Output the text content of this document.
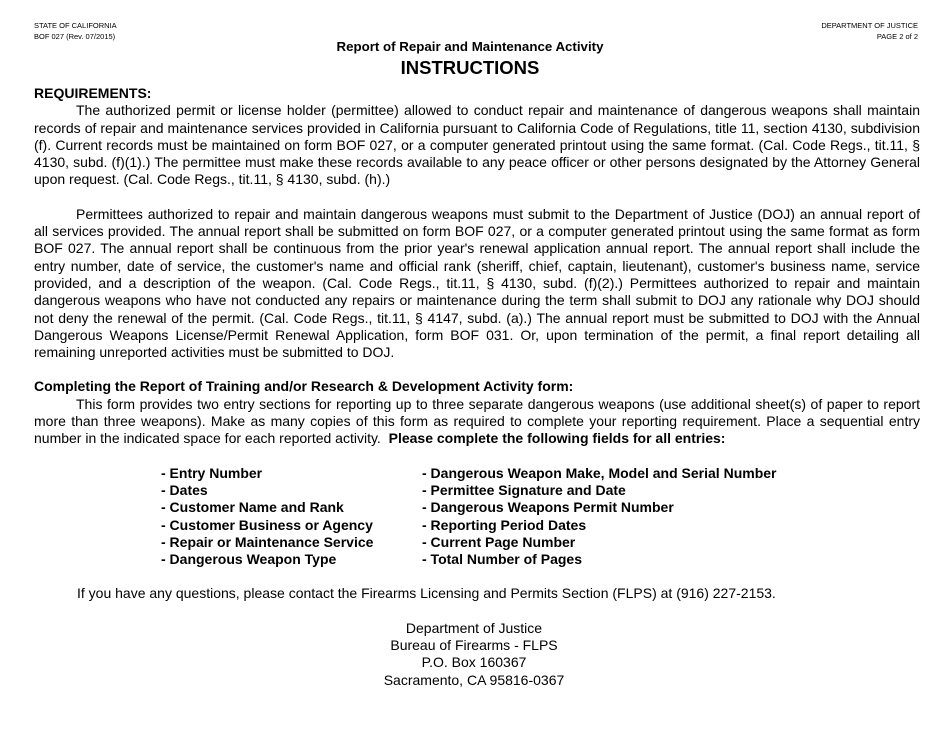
STATE OF CALIFORNIA
BOF 027 (Rev. 07/2015)
DEPARTMENT OF JUSTICE
PAGE 2 of 2
Report of Repair and Maintenance Activity
INSTRUCTIONS
REQUIREMENTS:

The authorized permit or license holder (permittee) allowed to conduct repair and maintenance of dangerous weapons shall maintain records of repair and maintenance services provided in California pursuant to California Code of Regulations, title 11, section 4130, subdivision (f). Current records must be maintained on form BOF 027, or a computer generated printout using the same format. (Cal. Code Regs., tit.11, § 4130, subd. (f)(1).) The permittee must make these records available to any peace officer or other persons designated by the Attorney General upon request. (Cal. Code Regs., tit.11, § 4130, subd. (h).)

Permittees authorized to repair and maintain dangerous weapons must submit to the Department of Justice (DOJ) an annual report of all services provided. The annual report shall be submitted on form BOF 027, or a computer generated printout using the same format as form BOF 027. The annual report shall be continuous from the prior year's renewal application annual report. The annual report shall include the entry number, date of service, the customer's name and official rank (sheriff, chief, captain, lieutenant), customer's business name, service provided, and a description of the weapon. (Cal. Code Regs., tit.11, § 4130, subd. (f)(2).) Permittees authorized to repair and maintain dangerous weapons who have not conducted any repairs or maintenance during the term shall submit to DOJ any rationale why DOJ should not deny the renewal of the permit. (Cal. Code Regs., tit.11, § 4147, subd. (a).) The annual report must be submitted to DOJ with the Annual Dangerous Weapons License/Permit Renewal Application, form BOF 031. Or, upon termination of the permit, a final report detailing all remaining unreported activities must be submitted to DOJ.

Completing the Report of Training and/or Research & Development Activity form:

This form provides two entry sections for reporting up to three separate dangerous weapons (use additional sheet(s) of paper to report more than three weapons). Make as many copies of this form as required to complete your reporting requirement. Place a sequential entry number in the indicated space for each reported activity. Please complete the following fields for all entries:

- Entry Number
- Dates
- Customer Name and Rank
- Customer Business or Agency
- Repair or Maintenance Service
- Dangerous Weapon Type
- Dangerous Weapon Make, Model and Serial Number
- Permittee Signature and Date
- Dangerous Weapons Permit Number
- Reporting Period Dates
- Current Page Number
- Total Number of Pages
If you have any questions, please contact the Firearms Licensing and Permits Section (FLPS) at (916) 227-2153.
Department of Justice
Bureau of Firearms - FLPS
P.O. Box 160367
Sacramento, CA 95816-0367
